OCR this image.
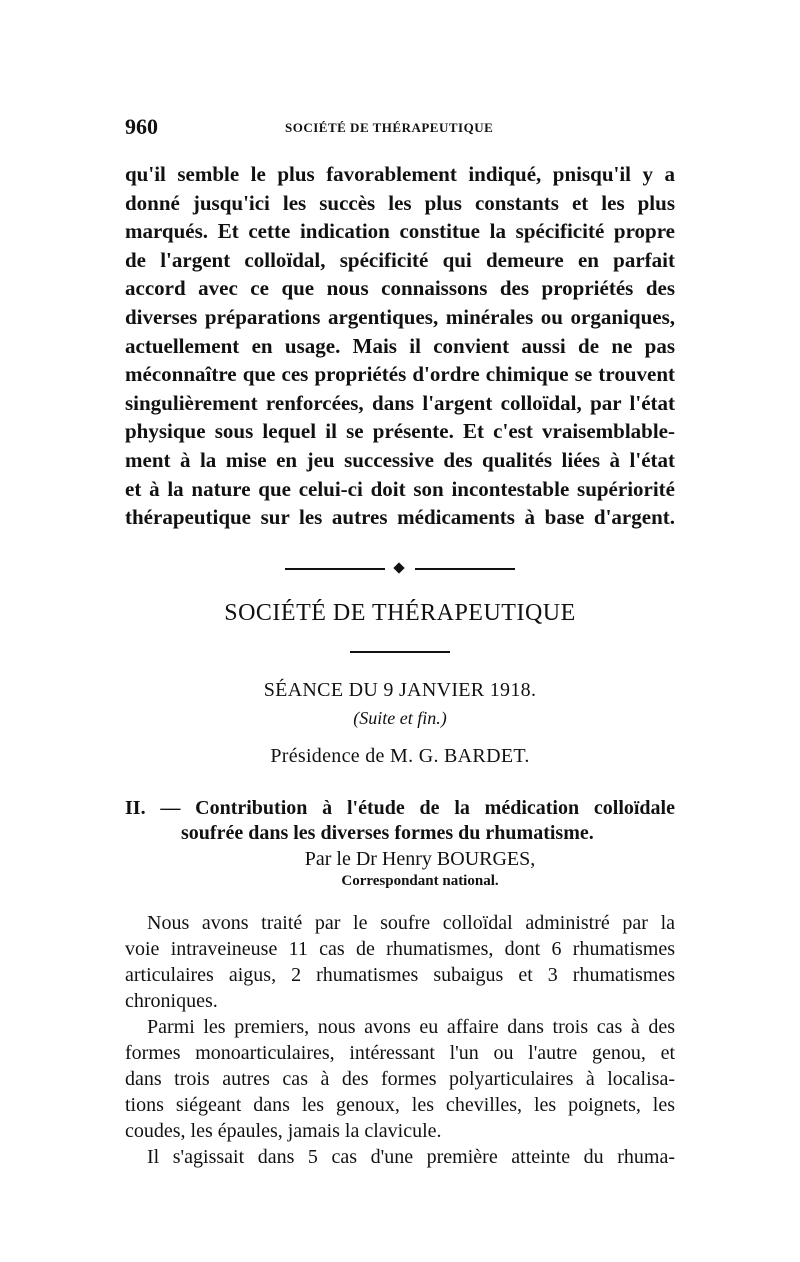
960	SOCIÉTÉ DE THÉRAPEUTIQUE
qu'il semble le plus favorablement indiqué, pnisqu'il y a
donné jusqu'ici les succès les plus constants et les plus
marqués. Et cette indication constitue la spécificité propre
de l'argent colloïdal, spécificité qui demeure en parfait
accord avec ce que nous connaissons des propriétés des
diverses préparations argentiques, minérales ou organiques,
actuellement en usage. Mais il convient aussi de ne pas
méconnaître que ces propriétés d'ordre chimique se trouvent
singulièrement renforcées, dans l'argent colloïdal, par l'état
physique sous lequel il se présente. Et c'est vraisemblable-
ment à la mise en jeu successive des qualités liées à l'état
et à la nature que celui-ci doit son incontestable supériorité
thérapeutique sur les autres médicaments à base d'argent.

SOCIÉTÉ DE THÉRAPEUTIQUE

SÉANCE DU 9 JANVIER 1918.

(Suite et fin.)

Présidence de M. G. BARDET.

II. — Contribution à l'étude de la médication colloïdale
soufrée dans les diverses formes du rhumatisme.

Par le Dr Henry BOURGES,

Correspondant national.

Nous avons traité par le soufre colloïdal administré par la
voie intraveineuse 11 cas de rhumatismes, dont 6 rhumatismes
articulaires aigus, 2 rhumatismes subaigus et 3 rhumatismes
chroniques.
Parmi les premiers, nous avons eu affaire dans trois cas à des
formes monoarticulaires, intéressant l'un ou l'autre genou, et
dans trois autres cas à des formes polyarticulaires à localisa-
tions siégeant dans les genoux, les chevilles, les poignets, les
coudes, les épaules, jamais la clavicule.
Il s'agissait dans 5 cas d'une première atteinte du rhuma-
